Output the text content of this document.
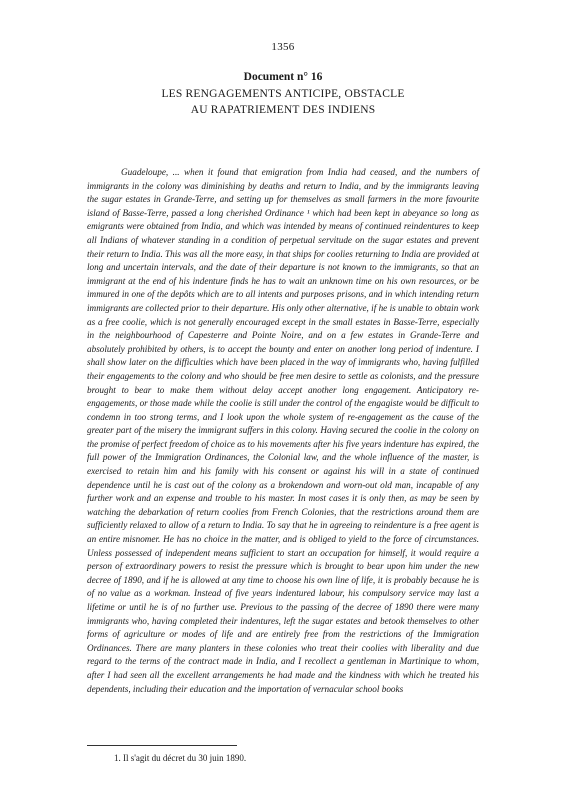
1356
Document n° 16
LES RENGAGEMENTS ANTICIPE, OBSTACLE
AU RAPATRIEMENT DES INDIENS

Guadeloupe, ... when it found that emigration from India had ceased, and the numbers of immigrants in the colony was diminishing by deaths and return to India, and by the immigrants leaving the sugar estates in Grande-Terre, and setting up for themselves as small farmers in the more favourite island of Basse-Terre, passed a long cherished Ordinance ¹ which had been kept in abeyance so long as emigrants were obtained from India, and which was intended by means of continued reindentures to keep all Indians of whatever standing in a condition of perpetual servitude on the sugar estates and prevent their return to India. This was all the more easy, in that ships for coolies returning to India are provided at long and uncertain intervals, and the date of their departure is not known to the immigrants, so that an immigrant at the end of his indenture finds he has to wait an unknown time on his own resources, or be immured in one of the depôts which are to all intents and purposes prisons, and in which intending return immigrants are collected prior to their departure. His only other alternative, if he is unable to obtain work as a free coolie, which is not generally encouraged except in the small estates in Basse-Terre, especially in the neighbourhood of Capesterre and Pointe Noire, and on a few estates in Grande-Terre and absolutely prohibited by others, is to accept the bounty and enter on another long period of indenture. I shall show later on the difficulties which have been placed in the way of immigrants who, having fulfilled their engagements to the colony and who should be free men desire to settle as colonists, and the pressure brought to bear to make them without delay accept another long engagement. Anticipatory re-engagements, or those made while the coolie is still under the control of the engagiste would be difficult to condemn in too strong terms, and I look upon the whole system of re-engagement as the cause of the greater part of the misery the immigrant suffers in this colony. Having secured the coolie in the colony on the promise of perfect freedom of choice as to his movements after his five years indenture has expired, the full power of the Immigration Ordinances, the Colonial law, and the whole influence of the master, is exercised to retain him and his family with his consent or against his will in a state of continued dependence until he is cast out of the colony as a brokendown and worn-out old man, incapable of any further work and an expense and trouble to his master. In most cases it is only then, as may be seen by watching the debarkation of return coolies from French Colonies, that the restrictions around them are sufficiently relaxed to allow of a return to India. To say that he in agreeing to reindenture is a free agent is an entire misnomer. He has no choice in the matter, and is obliged to yield to the force of circumstances. Unless possessed of independent means sufficient to start an occupation for himself, it would require a person of extraordinary powers to resist the pressure which is brought to bear upon him under the new decree of 1890, and if he is allowed at any time to choose his own line of life, it is probably because he is of no value as a workman. Instead of five years indentured labour, his compulsory service may last a lifetime or until he is of no further use. Previous to the passing of the decree of 1890 there were many immigrants who, having completed their indentures, left the sugar estates and betook themselves to other forms of agriculture or modes of life and are entirely free from the restrictions of the Immigration Ordinances. There are many planters in these colonies who treat their coolies with liberality and due regard to the terms of the contract made in India, and I recollect a gentleman in Martinique to whom, after I had seen all the excellent arrangements he had made and the kindness with which he treated his dependents, including their education and the importation of vernacular school books

1. Il s'agit du décret du 30 juin 1890.
